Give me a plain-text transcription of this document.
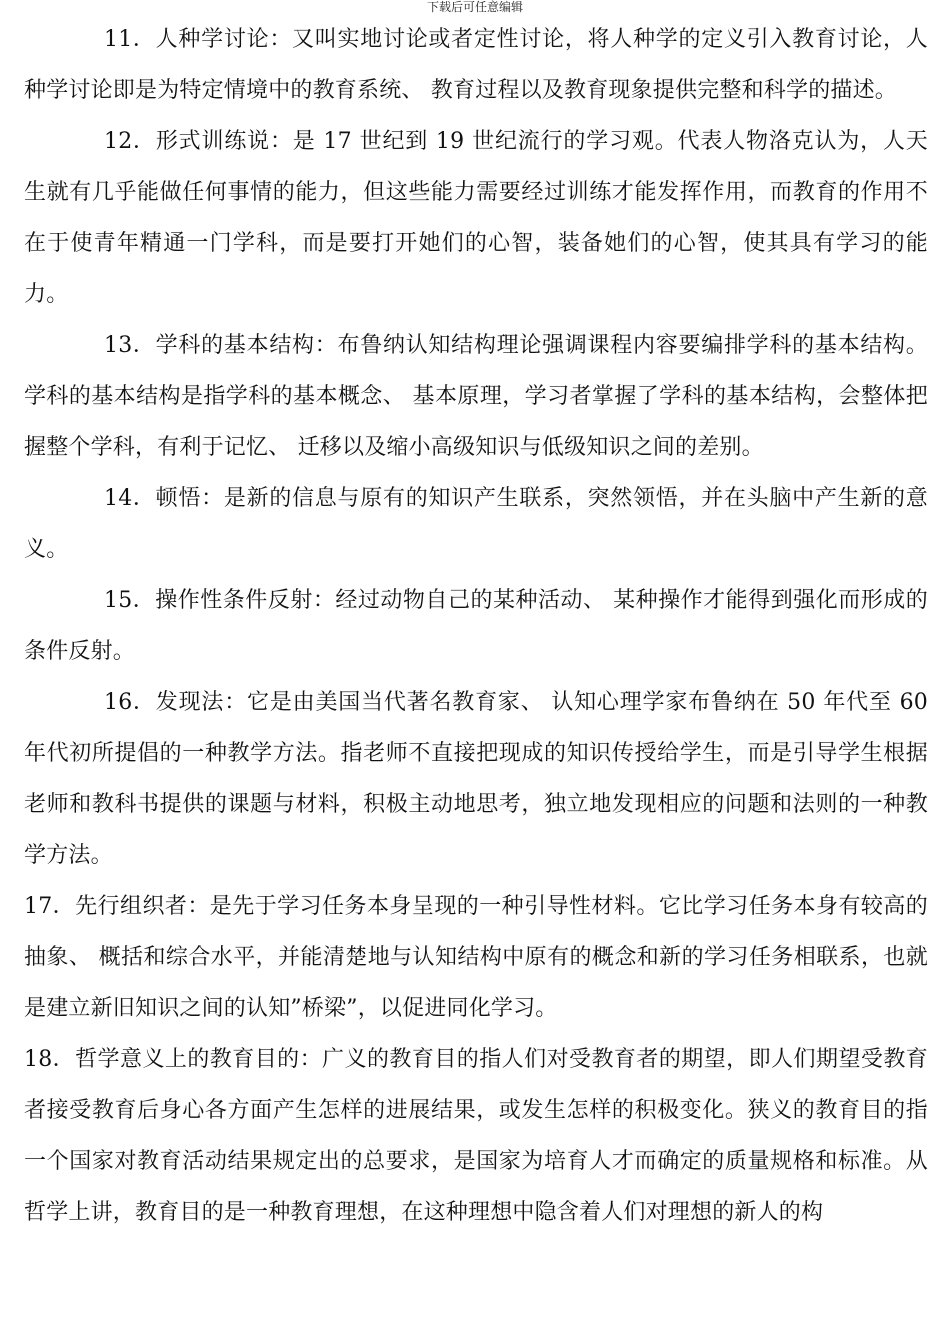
下载后可任意编辑

11．人种学讨论：又叫实地讨论或者定性讨论，将人种学的定义引入教育讨论，人种学讨论即是为特定情境中的教育系统、 教育过程以及教育现象提供完整和科学的描述。

12．形式训练说：是 17 世纪到 19 世纪流行的学习观。代表人物洛克认为，人天生就有几乎能做任何事情的能力，但这些能力需要经过训练才能发挥作用，而教育的作用不在于使青年精通一门学科，而是要打开她们的心智，装备她们的心智，使其具有学习的能力。

13．学科的基本结构：布鲁纳认知结构理论强调课程内容要编排学科的基本结构。学科的基本结构是指学科的基本概念、 基本原理，学习者掌握了学科的基本结构，会整体把握整个学科，有利于记忆、 迁移以及缩小高级知识与低级知识之间的差别。

14．顿悟：是新的信息与原有的知识产生联系，突然领悟，并在头脑中产生新的意义。

15．操作性条件反射：经过动物自己的某种活动、 某种操作才能得到强化而形成的条件反射。

16．发现法：它是由美国当代著名教育家、 认知心理学家布鲁纳在 50 年代至 60 年代初所提倡的一种教学方法。指老师不直接把现成的知识传授给学生，而是引导学生根据老师和教科书提供的课题与材料，积极主动地思考，独立地发现相应的问题和法则的一种教学方法。

17．先行组织者：是先于学习任务本身呈现的一种引导性材料。它比学习任务本身有较高的抽象、 概括和综合水平，并能清楚地与认知结构中原有的概念和新的学习任务相联系，也就是建立新旧知识之间的认知”桥梁”，以促进同化学习。

18．哲学意义上的教育目的：广义的教育目的指人们对受教育者的期望，即人们期望受教育者接受教育后身心各方面产生怎样的进展结果，或发生怎样的积极变化。狭义的教育目的指一个国家对教育活动结果规定出的总要求，是国家为培育人才而确定的质量规格和标准。从哲学上讲，教育目的是一种教育理想，在这种理想中隐含着人们对理想的新人的构
